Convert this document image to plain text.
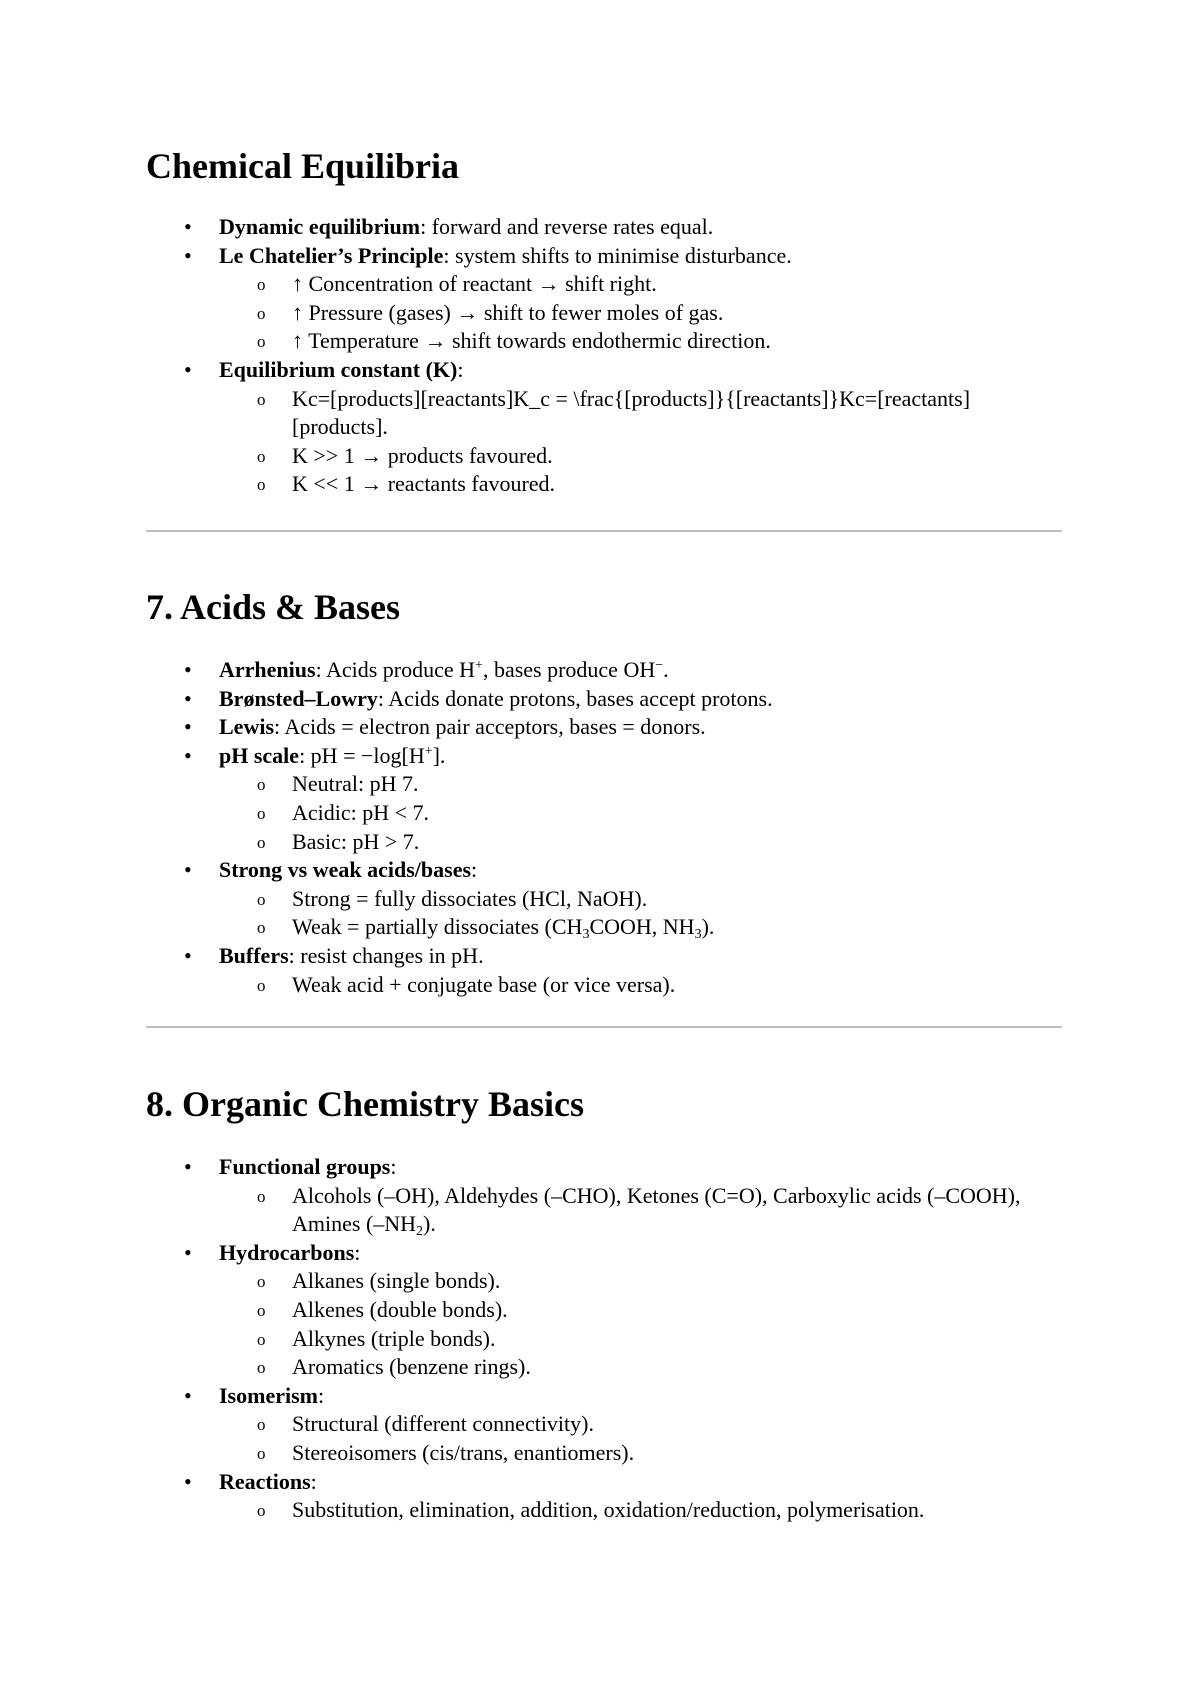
Chemical Equilibria
• Dynamic equilibrium: forward and reverse rates equal.
• Le Chatelier’s Principle: system shifts to minimise disturbance.
o ↑ Concentration of reactant → shift right.
o ↑ Pressure (gases) → shift to fewer moles of gas.
o ↑ Temperature → shift towards endothermic direction.
• Equilibrium constant (K):
o Kc=[products][reactants]K_c = \frac{[products]}{[reactants]}Kc=[reactants][products].
o K >> 1 → products favoured.
o K << 1 → reactants favoured.
7. Acids & Bases
• Arrhenius: Acids produce H+, bases produce OH−.
• Brønsted–Lowry: Acids donate protons, bases accept protons.
• Lewis: Acids = electron pair acceptors, bases = donors.
• pH scale: pH = −log[H+].
o Neutral: pH 7.
o Acidic: pH < 7.
o Basic: pH > 7.
• Strong vs weak acids/bases:
o Strong = fully dissociates (HCl, NaOH).
o Weak = partially dissociates ($CH_3COOH$, $NH_3$).
• Buffers: resist changes in pH.
o Weak acid + conjugate base (or vice versa).
8. Organic Chemistry Basics
• Functional groups:
o Alcohols (–OH), Aldehydes (–CHO), Ketones (C=O), Carboxylic acids (–COOH), Amines $(-NH_2)$.
• Hydrocarbons:
o Alkanes (single bonds).
o Alkenes (double bonds).
o Alkynes (triple bonds).
o Aromatics (benzene rings).
• Isomerism:
o Structural (different connectivity).
o Stereoisomers (cis/trans, enantiomers).
• Reactions:
o Substitution, elimination, addition, oxidation/reduction, polymerisation.
